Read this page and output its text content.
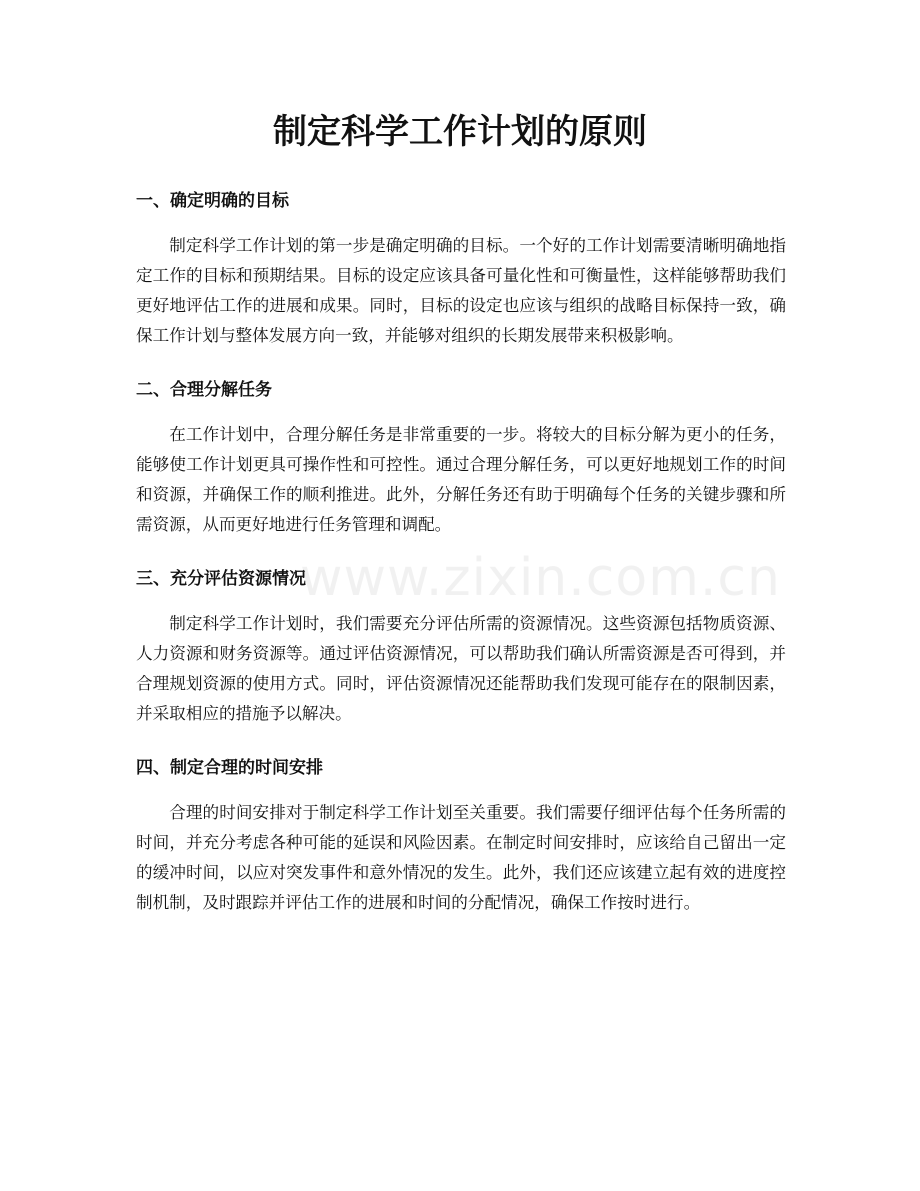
制定科学工作计划的原则
一、确定明确的目标

制定科学工作计划的第一步是确定明确的目标。一个好的工作计划需要清晰明确地指定工作的目标和预期结果。目标的设定应该具备可量化性和可衡量性，这样能够帮助我们更好地评估工作的进展和成果。同时，目标的设定也应该与组织的战略目标保持一致，确保工作计划与整体发展方向一致，并能够对组织的长期发展带来积极影响。

二、合理分解任务

在工作计划中，合理分解任务是非常重要的一步。将较大的目标分解为更小的任务，能够使工作计划更具可操作性和可控性。通过合理分解任务，可以更好地规划工作的时间和资源，并确保工作的顺利推进。此外，分解任务还有助于明确每个任务的关键步骤和所需资源，从而更好地进行任务管理和调配。

三、充分评估资源情况

制定科学工作计划时，我们需要充分评估所需的资源情况。这些资源包括物质资源、人力资源和财务资源等。通过评估资源情况，可以帮助我们确认所需资源是否可得到，并合理规划资源的使用方式。同时，评估资源情况还能帮助我们发现可能存在的限制因素，并采取相应的措施予以解决。

四、制定合理的时间安排

合理的时间安排对于制定科学工作计划至关重要。我们需要仔细评估每个任务所需的时间，并充分考虑各种可能的延误和风险因素。在制定时间安排时，应该给自己留出一定的缓冲时间，以应对突发事件和意外情况的发生。此外，我们还应该建立起有效的进度控制机制，及时跟踪并评估工作的进展和时间的分配情况，确保工作按时进行。

www.zixin.com.cn
